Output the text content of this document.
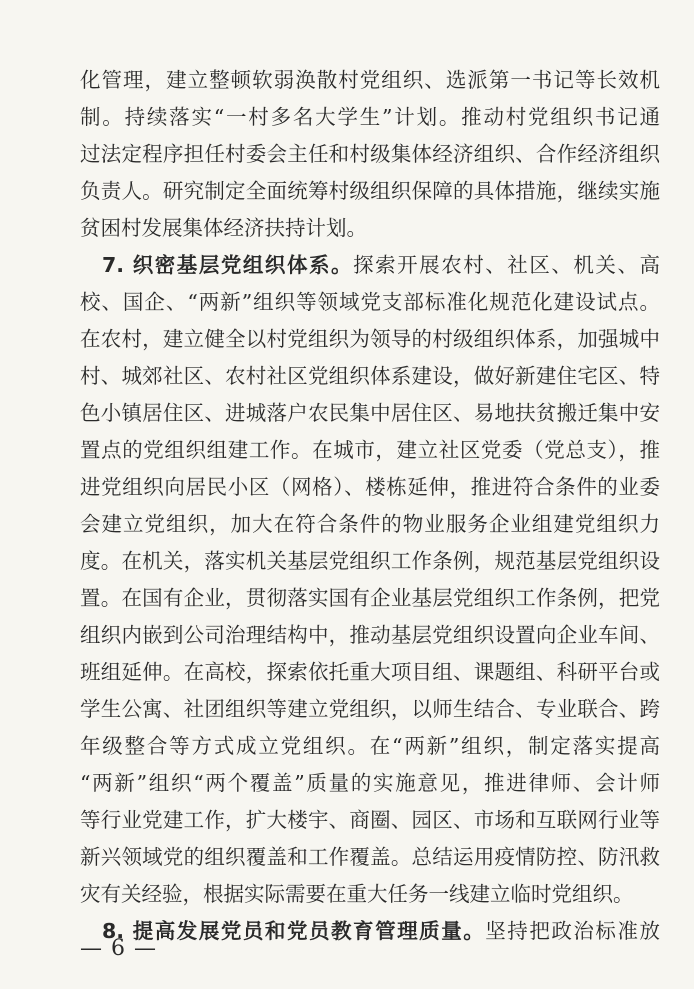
化管理，建立整顿软弱涣散村党组织、选派第一书记等长效机
制。持续落实“一村多名大学生”计划。推动村党组织书记通
过法定程序担任村委会主任和村级集体经济组织、合作经济组织
负责人。研究制定全面统筹村级组织保障的具体措施，继续实施
贫困村发展集体经济扶持计划。
7. 织密基层党组织体系。探索开展农村、社区、机关、高
校、国企、“两新”组织等领域党支部标准化规范化建设试点。
在农村，建立健全以村党组织为领导的村级组织体系，加强城中
村、城郊社区、农村社区党组织体系建设，做好新建住宅区、特
色小镇居住区、进城落户农民集中居住区、易地扶贫搬迁集中安
置点的党组织组建工作。在城市，建立社区党委（党总支），推
进党组织向居民小区（网格）、楼栋延伸，推进符合条件的业委
会建立党组织，加大在符合条件的物业服务企业组建党组织力
度。在机关，落实机关基层党组织工作条例，规范基层党组织设
置。在国有企业，贯彻落实国有企业基层党组织工作条例，把党
组织内嵌到公司治理结构中，推动基层党组织设置向企业车间、
班组延伸。在高校，探索依托重大项目组、课题组、科研平台或
学生公寓、社团组织等建立党组织，以师生结合、专业联合、跨
年级整合等方式成立党组织。在“两新”组织，制定落实提高
“两新”组织“两个覆盖”质量的实施意见，推进律师、会计师
等行业党建工作，扩大楼宇、商圈、园区、市场和互联网行业等
新兴领域党的组织覆盖和工作覆盖。总结运用疫情防控、防汛救
灾有关经验，根据实际需要在重大任务一线建立临时党组织。
8. 提高发展党员和党员教育管理质量。坚持把政治标准放
— 6 —
